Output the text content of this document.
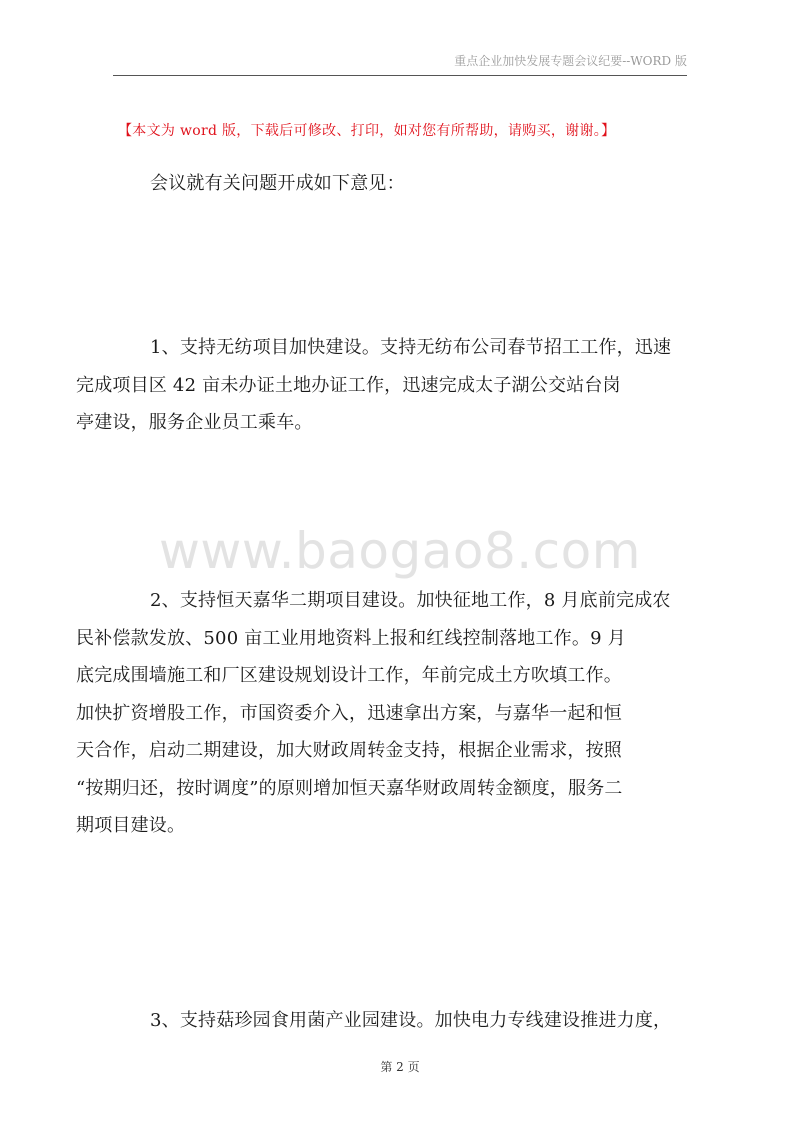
重点企业加快发展专题会议纪要--WORD 版
【本文为 word 版，下载后可修改、打印，如对您有所帮助，请购买，谢谢。】
会议就有关问题开成如下意见：
1、支持无纺项目加快建设。支持无纺布公司春节招工工作，迅速
完成项目区 42 亩未办证土地办证工作，迅速完成太子湖公交站台岗
亭建设，服务企业员工乘车。
www.baogao8.com
2、支持恒天嘉华二期项目建设。加快征地工作，8 月底前完成农
民补偿款发放、500 亩工业用地资料上报和红线控制落地工作。9 月
底完成围墙施工和厂区建设规划设计工作，年前完成土方吹填工作。
加快扩资增股工作，市国资委介入，迅速拿出方案，与嘉华一起和恒
天合作，启动二期建设，加大财政周转金支持，根据企业需求，按照
“按期归还，按时调度”的原则增加恒天嘉华财政周转金额度，服务二
期项目建设。
3、支持菇珍园食用菌产业园建设。加快电力专线建设推进力度，
第 2 页
